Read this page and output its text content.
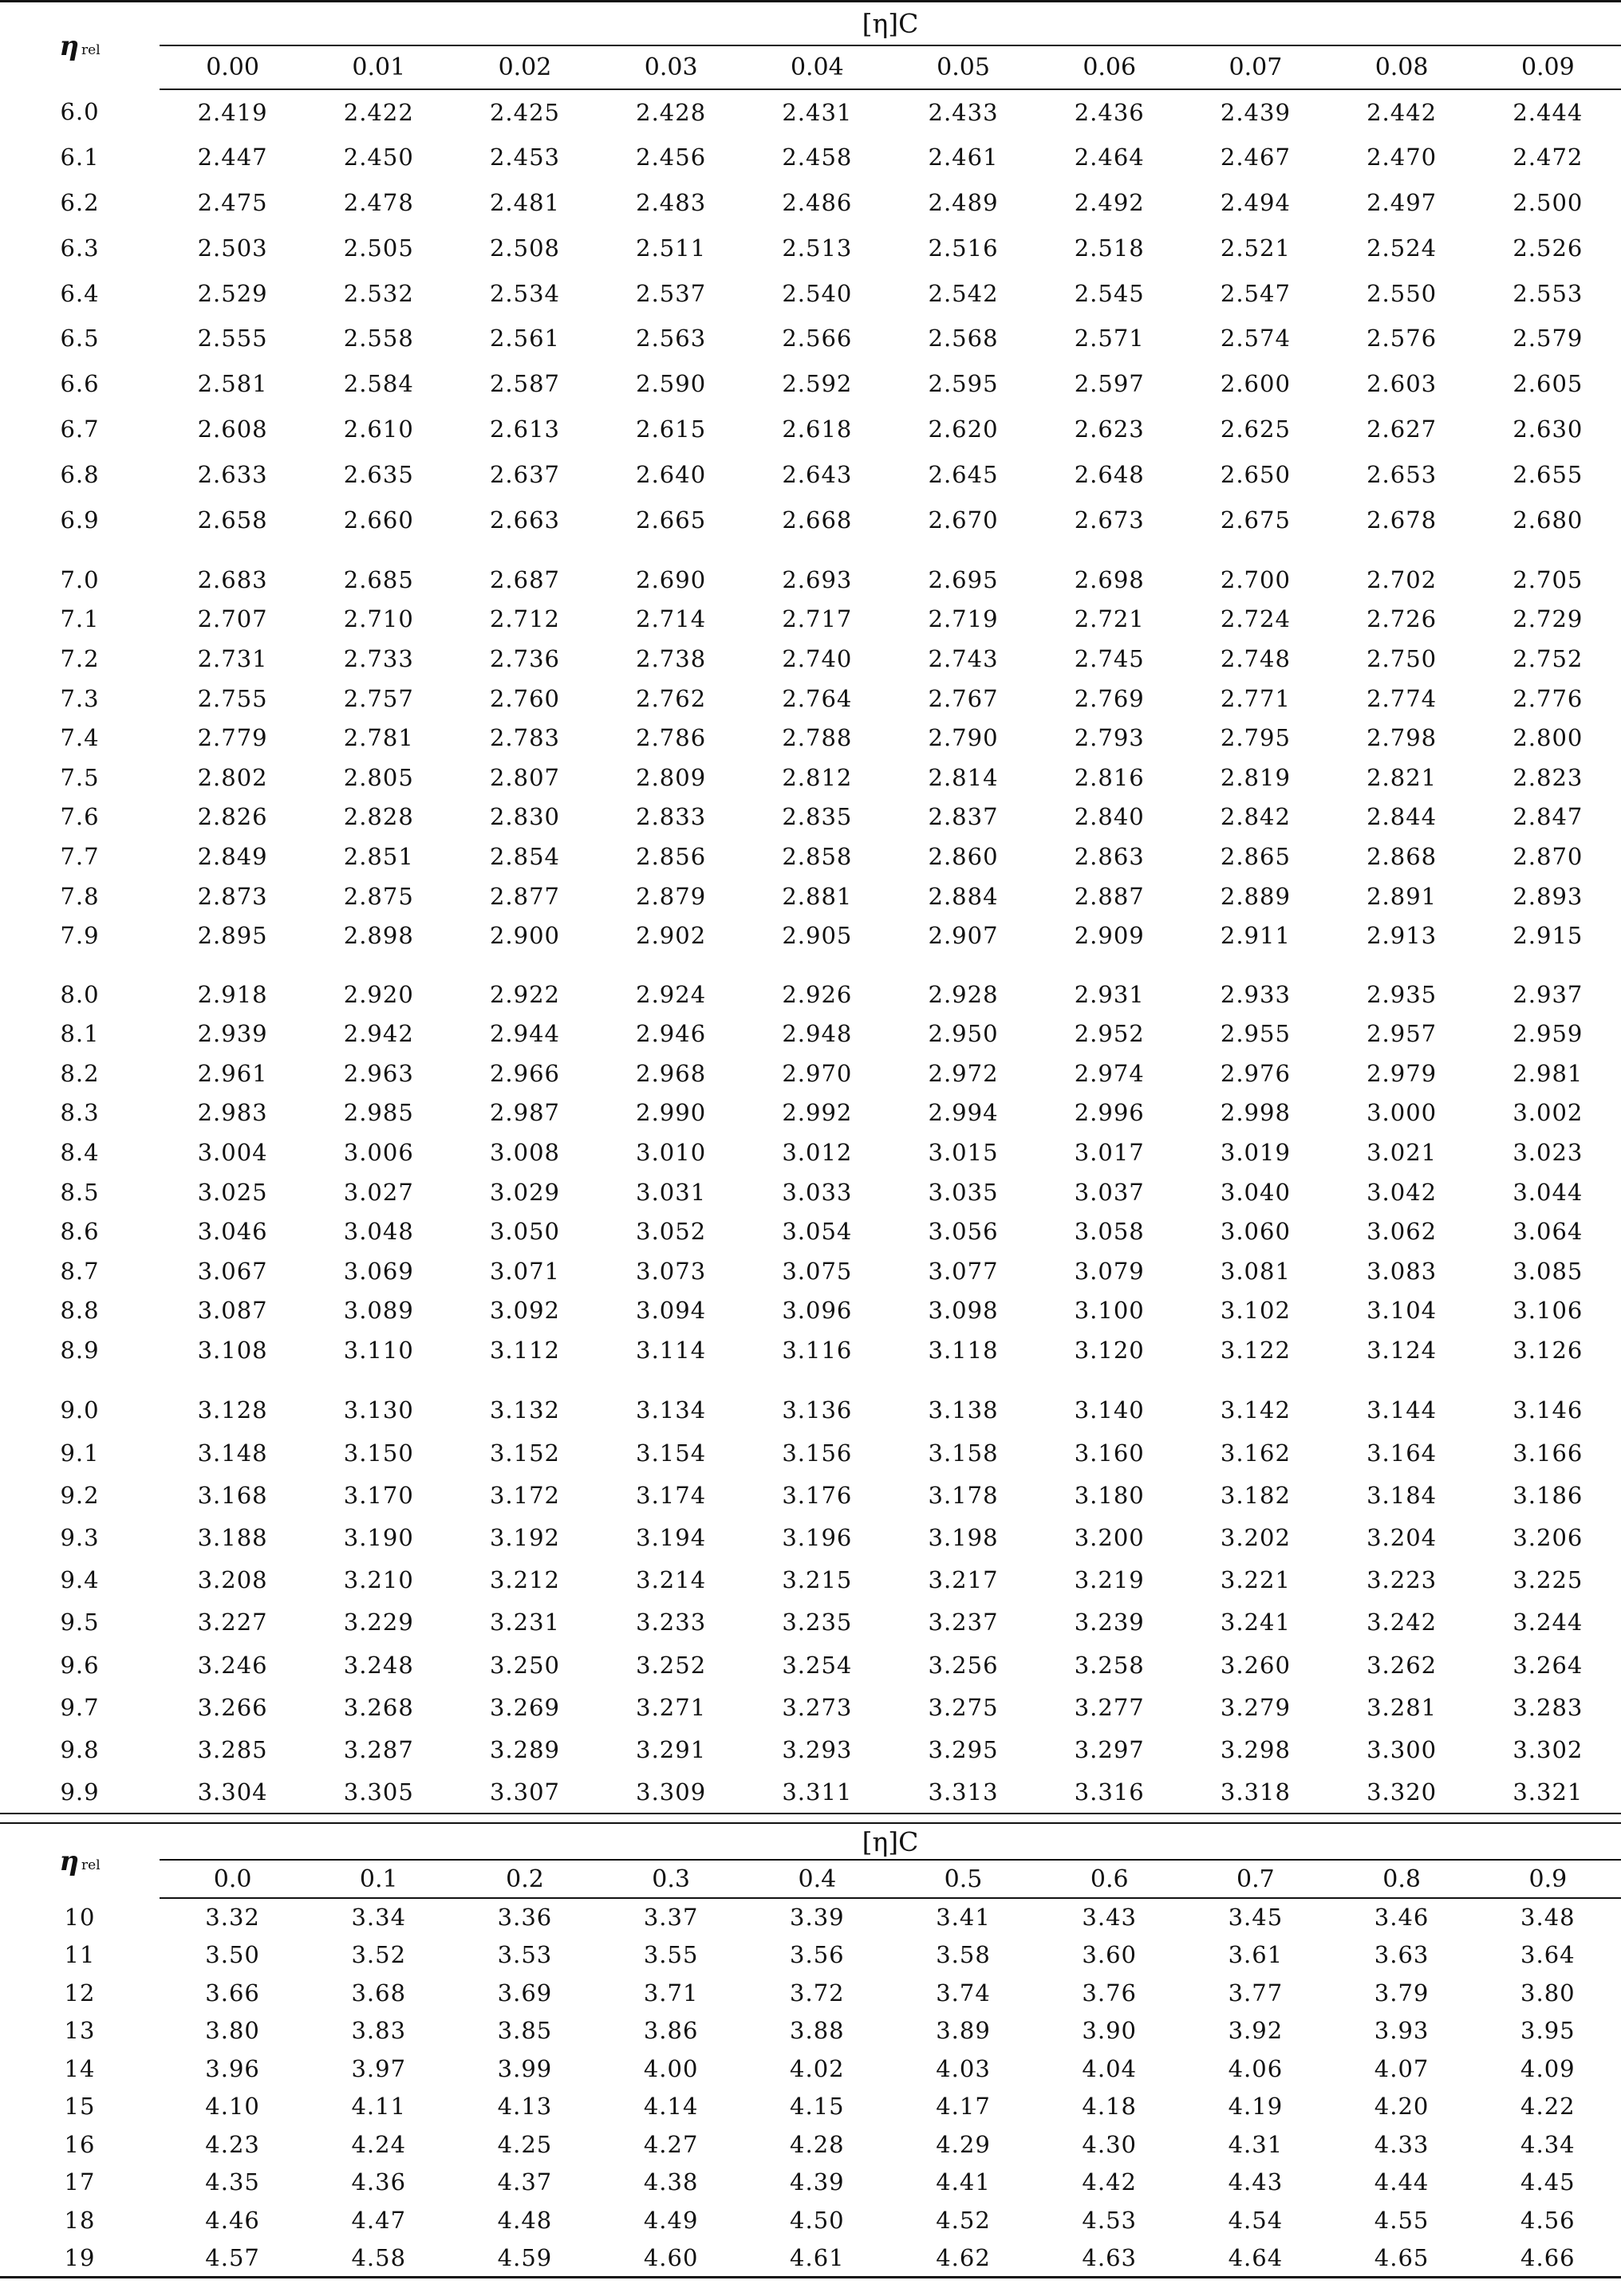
η rel	[η]C									
	0.00	0.01	0.02	0.03	0.04	0.05	0.06	0.07	0.08	0.09
6.0	2.419	2.422	2.425	2.428	2.431	2.433	2.436	2.439	2.442	2.444
6.1	2.447	2.450	2.453	2.456	2.458	2.461	2.464	2.467	2.470	2.472
6.2	2.475	2.478	2.481	2.483	2.486	2.489	2.492	2.494	2.497	2.500
6.3	2.503	2.505	2.508	2.511	2.513	2.516	2.518	2.521	2.524	2.526
6.4	2.529	2.532	2.534	2.537	2.540	2.542	2.545	2.547	2.550	2.553
6.5	2.555	2.558	2.561	2.563	2.566	2.568	2.571	2.574	2.576	2.579
6.6	2.581	2.584	2.587	2.590	2.592	2.595	2.597	2.600	2.603	2.605
6.7	2.608	2.610	2.613	2.615	2.618	2.620	2.623	2.625	2.627	2.630
6.8	2.633	2.635	2.637	2.640	2.643	2.645	2.648	2.650	2.653	2.655
6.9	2.658	2.660	2.663	2.665	2.668	2.670	2.673	2.675	2.678	2.680

7.0	2.683	2.685	2.687	2.690	2.693	2.695	2.698	2.700	2.702	2.705
7.1	2.707	2.710	2.712	2.714	2.717	2.719	2.721	2.724	2.726	2.729
7.2	2.731	2.733	2.736	2.738	2.740	2.743	2.745	2.748	2.750	2.752
7.3	2.755	2.757	2.760	2.762	2.764	2.767	2.769	2.771	2.774	2.776
7.4	2.779	2.781	2.783	2.786	2.788	2.790	2.793	2.795	2.798	2.800
7.5	2.802	2.805	2.807	2.809	2.812	2.814	2.816	2.819	2.821	2.823
7.6	2.826	2.828	2.830	2.833	2.835	2.837	2.840	2.842	2.844	2.847
7.7	2.849	2.851	2.854	2.856	2.858	2.860	2.863	2.865	2.868	2.870
7.8	2.873	2.875	2.877	2.879	2.881	2.884	2.887	2.889	2.891	2.893
7.9	2.895	2.898	2.900	2.902	2.905	2.907	2.909	2.911	2.913	2.915

8.0	2.918	2.920	2.922	2.924	2.926	2.928	2.931	2.933	2.935	2.937
8.1	2.939	2.942	2.944	2.946	2.948	2.950	2.952	2.955	2.957	2.959
8.2	2.961	2.963	2.966	2.968	2.970	2.972	2.974	2.976	2.979	2.981
8.3	2.983	2.985	2.987	2.990	2.992	2.994	2.996	2.998	3.000	3.002
8.4	3.004	3.006	3.008	3.010	3.012	3.015	3.017	3.019	3.021	3.023
8.5	3.025	3.027	3.029	3.031	3.033	3.035	3.037	3.040	3.042	3.044
8.6	3.046	3.048	3.050	3.052	3.054	3.056	3.058	3.060	3.062	3.064
8.7	3.067	3.069	3.071	3.073	3.075	3.077	3.079	3.081	3.083	3.085
8.8	3.087	3.089	3.092	3.094	3.096	3.098	3.100	3.102	3.104	3.106
8.9	3.108	3.110	3.112	3.114	3.116	3.118	3.120	3.122	3.124	3.126

9.0	3.128	3.130	3.132	3.134	3.136	3.138	3.140	3.142	3.144	3.146
9.1	3.148	3.150	3.152	3.154	3.156	3.158	3.160	3.162	3.164	3.166
9.2	3.168	3.170	3.172	3.174	3.176	3.178	3.180	3.182	3.184	3.186
9.3	3.188	3.190	3.192	3.194	3.196	3.198	3.200	3.202	3.204	3.206
9.4	3.208	3.210	3.212	3.214	3.215	3.217	3.219	3.221	3.223	3.225
9.5	3.227	3.229	3.231	3.233	3.235	3.237	3.239	3.241	3.242	3.244
9.6	3.246	3.248	3.250	3.252	3.254	3.256	3.258	3.260	3.262	3.264
9.7	3.266	3.268	3.269	3.271	3.273	3.275	3.277	3.279	3.281	3.283
9.8	3.285	3.287	3.289	3.291	3.293	3.295	3.297	3.298	3.300	3.302
9.9	3.304	3.305	3.307	3.309	3.311	3.313	3.316	3.318	3.320	3.321
η rel	[η]C									
	0.0	0.1	0.2	0.3	0.4	0.5	0.6	0.7	0.8	0.9
10	3.32	3.34	3.36	3.37	3.39	3.41	3.43	3.45	3.46	3.48
11	3.50	3.52	3.53	3.55	3.56	3.58	3.60	3.61	3.63	3.64
12	3.66	3.68	3.69	3.71	3.72	3.74	3.76	3.77	3.79	3.80
13	3.80	3.83	3.85	3.86	3.88	3.89	3.90	3.92	3.93	3.95
14	3.96	3.97	3.99	4.00	4.02	4.03	4.04	4.06	4.07	4.09
15	4.10	4.11	4.13	4.14	4.15	4.17	4.18	4.19	4.20	4.22
16	4.23	4.24	4.25	4.27	4.28	4.29	4.30	4.31	4.33	4.34
17	4.35	4.36	4.37	4.38	4.39	4.41	4.42	4.43	4.44	4.45
18	4.46	4.47	4.48	4.49	4.50	4.52	4.53	4.54	4.55	4.56
19	4.57	4.58	4.59	4.60	4.61	4.62	4.63	4.64	4.65	4.66
